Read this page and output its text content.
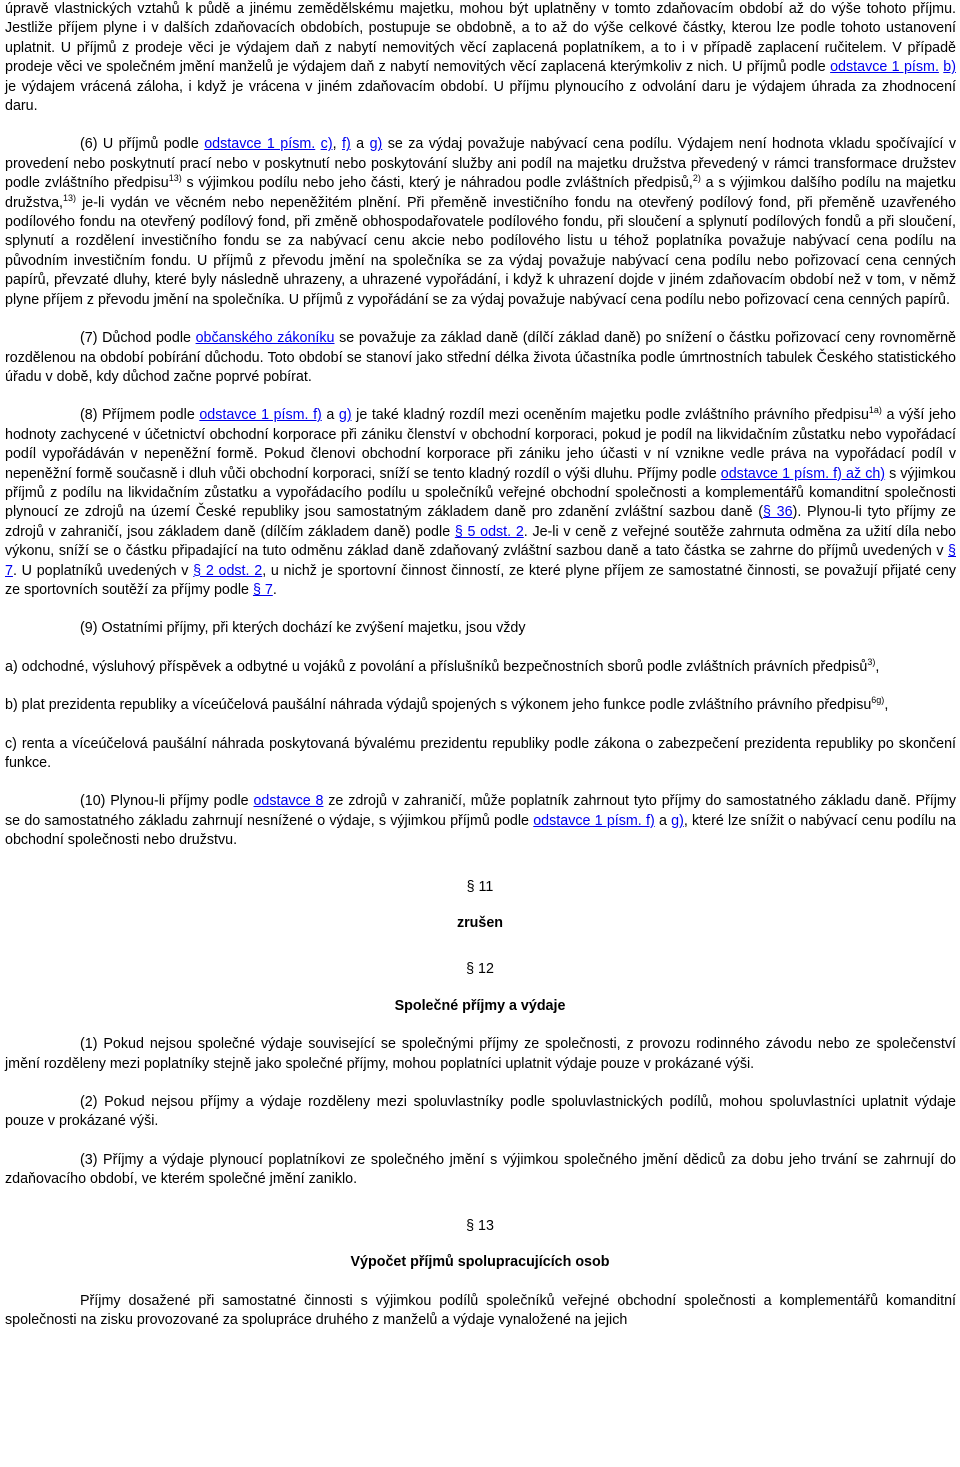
úpravě vlastnických vztahů k půdě a jinému zemědělskému majetku, mohou být uplatněny v tomto zdaňovacím období až do výše tohoto příjmu. Jestliže příjem plyne i v dalších zdaňovacích obdobích, postupuje se obdobně, a to až do výše celkové částky, kterou lze podle tohoto ustanovení uplatnit. U příjmů z prodeje věci je výdajem daň z nabytí nemovitých věcí zaplacená poplatníkem, a to i v případě zaplacení ručitelem. V případě prodeje věci ve společném jmění manželů je výdajem daň z nabytí nemovitých věcí zaplacená kterýmkoliv z nich. U příjmů podle odstavce 1 písm. b) je výdajem vrácená záloha, i když je vrácena v jiném zdaňovacím období. U příjmu plynoucího z odvolání daru je výdajem úhrada za zhodnocení daru.

(6) U příjmů podle odstavce 1 písm. c), f) a g) se za výdaj považuje nabývací cena podílu. Výdajem není hodnota vkladu spočívající v provedení nebo poskytnutí prací nebo v poskytnutí nebo poskytování služby ani podíl na majetku družstva převedený v rámci transformace družstev podle zvláštního předpisu$^{13)}$ s výjimkou podílu nebo jeho části, který je náhradou podle zvláštních předpisů,$^{2)}$ a s výjimkou dalšího podílu na majetku družstva,$^{13)}$ je-li vydán ve věcném nebo nepeněžitém plnění. Při přeměně investičního fondu na otevřený podílový fond, při přeměně uzavřeného podílového fondu na otevřený podílový fond, při změně obhospodařovatele podílového fondu, při sloučení a splynutí podílových fondů a při sloučení, splynutí a rozdělení investičního fondu se za nabývací cenu akcie nebo podílového listu u téhož poplatníka považuje nabývací cena podílu na původním investičním fondu. U příjmů z převodu jmění na společníka se za výdaj považuje nabývací cena podílu nebo pořizovací cena cenných papírů, převzaté dluhy, které byly následně uhrazeny, a uhrazené vypořádání, i když k uhrazení dojde v jiném zdaňovacím období než v tom, v němž plyne příjem z převodu jmění na společníka. U příjmů z vypořádání se za výdaj považuje nabývací cena podílu nebo pořizovací cena cenných papírů.

(7) Důchod podle občanského zákoníku se považuje za základ daně (dílčí základ daně) po snížení o částku pořizovací ceny rovnoměrně rozdělenou na období pobírání důchodu. Toto období se stanoví jako střední délka života účastníka podle úmrtnostních tabulek Českého statistického úřadu v době, kdy důchod začne poprvé pobírat.

(8) Příjmem podle odstavce 1 písm. f) a g) je také kladný rozdíl mezi oceněním majetku podle zvláštního právního předpisu$^{1a)}$ a výší jeho hodnoty zachycené v účetnictví obchodní korporace při zániku členství v obchodní korporaci, pokud je podíl na likvidačním zůstatku nebo vypořádací podíl vypořádáván v nepeněžní formě. Pokud členovi obchodní korporace při zániku jeho účasti v ní vznikne vedle práva na vypořádací podíl v nepeněžní formě současně i dluh vůči obchodní korporaci, sníží se tento kladný rozdíl o výši dluhu. Příjmy podle odstavce 1 písm. f) až ch) s výjimkou příjmů z podílu na likvidačním zůstatku a vypořádacího podílu u společníků veřejné obchodní společnosti a komplementářů komanditní společnosti plynoucí ze zdrojů na území České republiky jsou samostatným základem daně pro zdanění zvláštní sazbou daně (§ 36). Plynou-li tyto příjmy ze zdrojů v zahraničí, jsou základem daně (dílčím základem daně) podle § 5 odst. 2. Je-li v ceně z veřejné soutěže zahrnuta odměna za užití díla nebo výkonu, sníží se o částku připadající na tuto odměnu základ daně zdaňovaný zvláštní sazbou daně a tato částka se zahrne do příjmů uvedených v § 7. U poplatníků uvedených v § 2 odst. 2, u nichž je sportovní činnost činností, ze které plyne příjem ze samostatné činnosti, se považují přijaté ceny ze sportovních soutěží za příjmy podle § 7.

(9) Ostatními příjmy, při kterých dochází ke zvýšení majetku, jsou vždy

a) odchodné, výsluhový příspěvek a odbytné u vojáků z povolání a příslušníků bezpečnostních sborů podle zvláštních právních předpisů$^{3)}$,

b) plat prezidenta republiky a víceúčelová paušální náhrada výdajů spojených s výkonem jeho funkce podle zvláštního právního předpisu$^{6g)}$,

c) renta a víceúčelová paušální náhrada poskytovaná bývalému prezidentu republiky podle zákona o zabezpečení prezidenta republiky po skončení funkce.

(10) Plynou-li příjmy podle odstavce 8 ze zdrojů v zahraničí, může poplatník zahrnout tyto příjmy do samostatného základu daně. Příjmy se do samostatného základu zahrnují nesnížené o výdaje, s výjimkou příjmů podle odstavce 1 písm. f) a g), které lze snížit o nabývací cenu podílu na obchodní společnosti nebo družstvu.

§ 11

zrušen

§ 12

Společné příjmy a výdaje

(1) Pokud nejsou společné výdaje související se společnými příjmy ze společnosti, z provozu rodinného závodu nebo ze společenství jmění rozděleny mezi poplatníky stejně jako společné příjmy, mohou poplatníci uplatnit výdaje pouze v prokázané výši.

(2) Pokud nejsou příjmy a výdaje rozděleny mezi spoluvlastníky podle spoluvlastnických podílů, mohou spoluvlastníci uplatnit výdaje pouze v prokázané výši.

(3) Příjmy a výdaje plynoucí poplatníkovi ze společného jmění s výjimkou společného jmění dědiců za dobu jeho trvání se zahrnují do zdaňovacího období, ve kterém společné jmění zaniklo.

§ 13

Výpočet příjmů spolupracujících osob

Příjmy dosažené při samostatné činnosti s výjimkou podílů společníků veřejné obchodní společnosti a komplementářů komanditní společnosti na zisku provozované za spolupráce druhého z manželů a výdaje vynaložené na jejich
